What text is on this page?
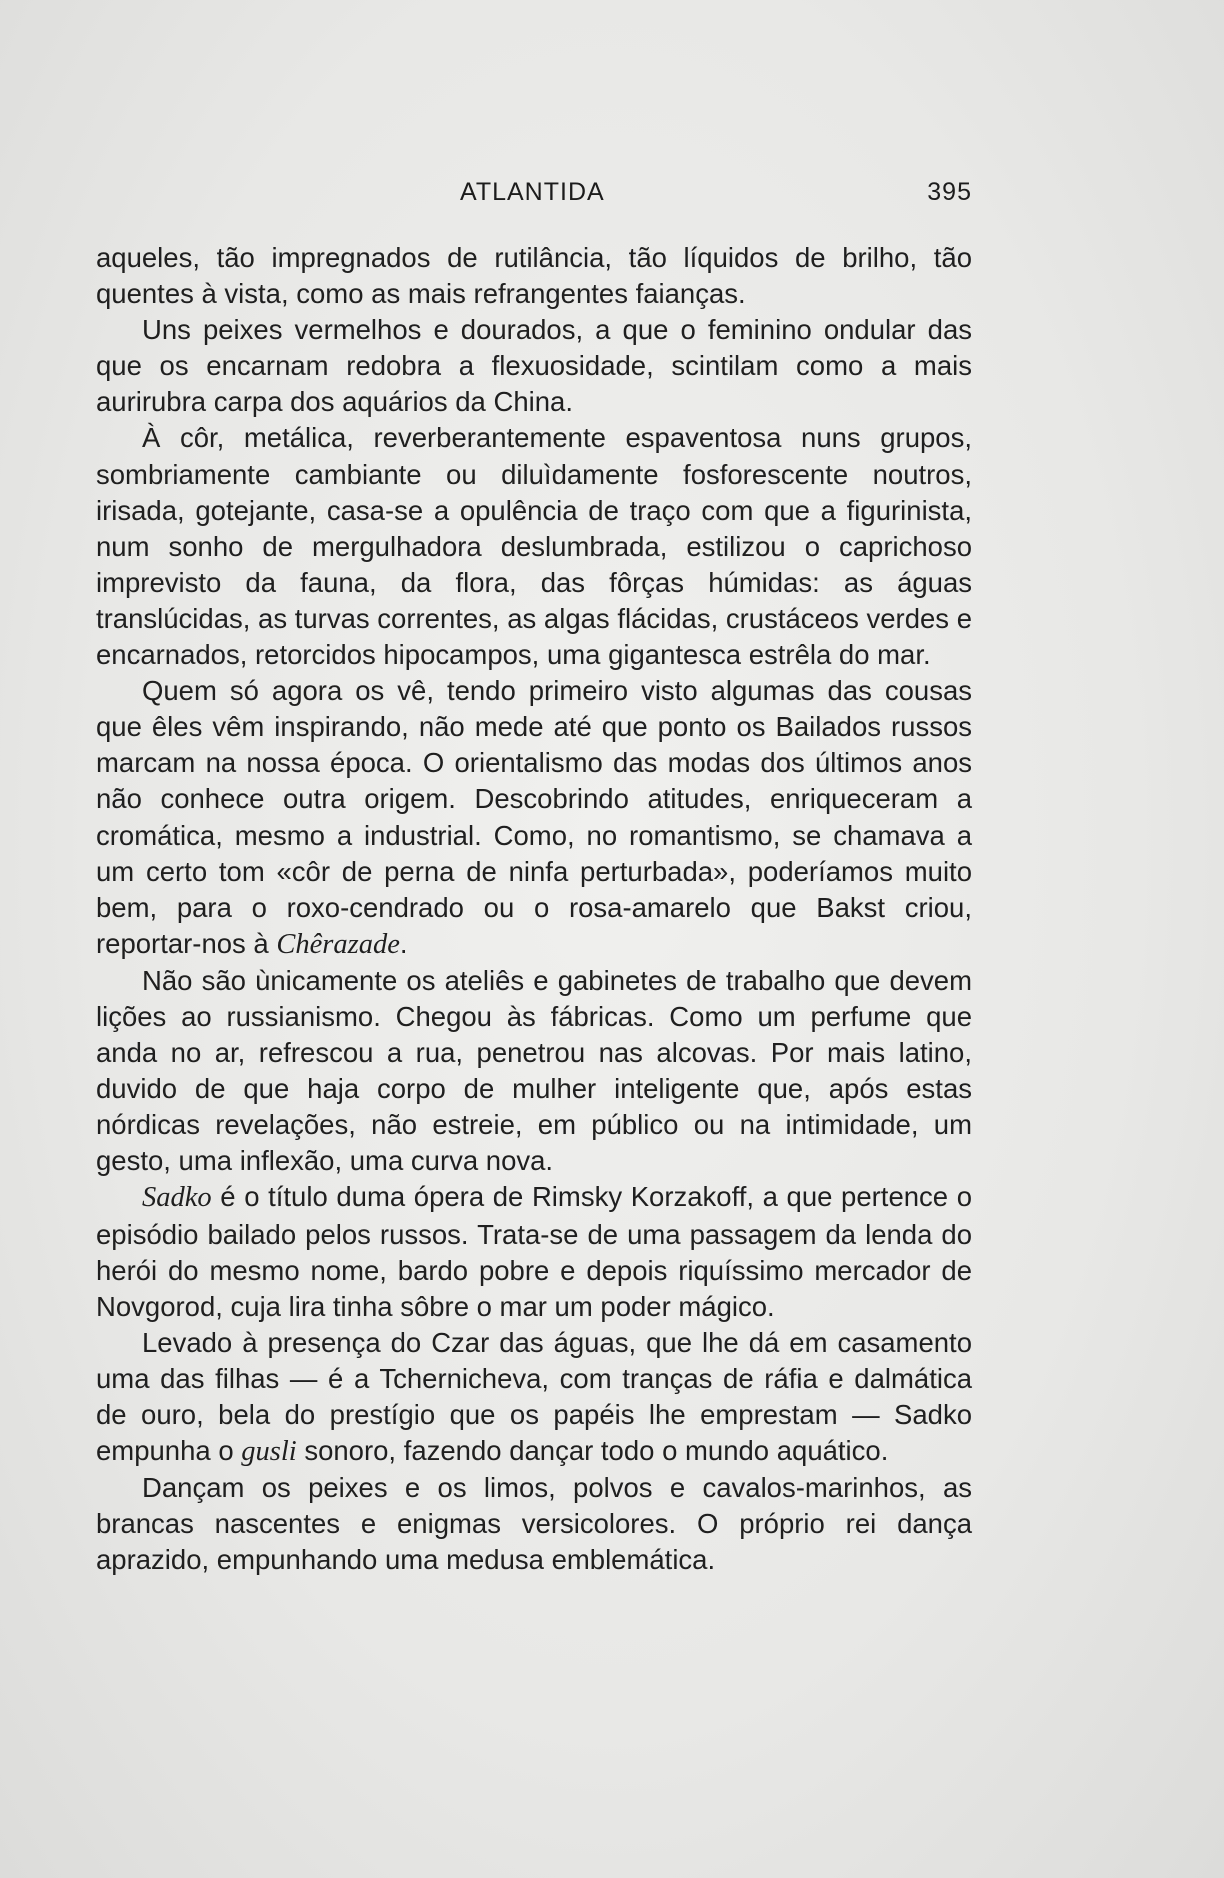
ATLANTIDA	395

aqueles, tão impregnados de rutilância, tão líquidos de brilho, tão quentes à vista, como as mais refrangentes faianças.

Uns peixes vermelhos e dourados, a que o feminino ondular das que os encarnam redobra a flexuosidade, scintilam como a mais aurirubra carpa dos aquários da China.

À côr, metálica, reverberantemente espaventosa nuns grupos, sombriamente cambiante ou diluìdamente fosforescente noutros, irisada, gotejante, casa-se a opulência de traço com que a figurinista, num sonho de mergulhadora deslumbrada, estilizou o caprichoso imprevisto da fauna, da flora, das fôrças húmidas: as águas translúcidas, as turvas correntes, as algas flácidas, crustáceos verdes e encarnados, retorcidos hipocampos, uma gigantesca estrêla do mar.

Quem só agora os vê, tendo primeiro visto algumas das cousas que êles vêm inspirando, não mede até que ponto os Bailados russos marcam na nossa época. O orientalismo das modas dos últimos anos não conhece outra origem. Descobrindo atitudes, enriqueceram a cromática, mesmo a industrial. Como, no romantismo, se chamava a um certo tom «côr de perna de ninfa perturbada», poderíamos muito bem, para o roxo-cendrado ou o rosa-amarelo que Bakst criou, reportar-nos à Chêrazade.

Não são ùnicamente os ateliês e gabinetes de trabalho que devem lições ao russianismo. Chegou às fábricas. Como um perfume que anda no ar, refrescou a rua, penetrou nas alcovas. Por mais latino, duvido de que haja corpo de mulher inteligente que, após estas nórdicas revelações, não estreie, em público ou na intimidade, um gesto, uma inflexão, uma curva nova.

Sadko é o título duma ópera de Rimsky Korzakoff, a que pertence o episódio bailado pelos russos. Trata-se de uma passagem da lenda do herói do mesmo nome, bardo pobre e depois riquíssimo mercador de Novgorod, cuja lira tinha sôbre o mar um poder mágico.

Levado à presença do Czar das águas, que lhe dá em casamento uma das filhas — é a Tchernicheva, com tranças de ráfia e dalmática de ouro, bela do prestígio que os papéis lhe emprestam — Sadko empunha o gusli sonoro, fazendo dançar todo o mundo aquático.

Dançam os peixes e os limos, polvos e cavalos-marinhos, as brancas nascentes e enigmas versicolores. O próprio rei dança aprazido, empunhando uma medusa emblemática.
